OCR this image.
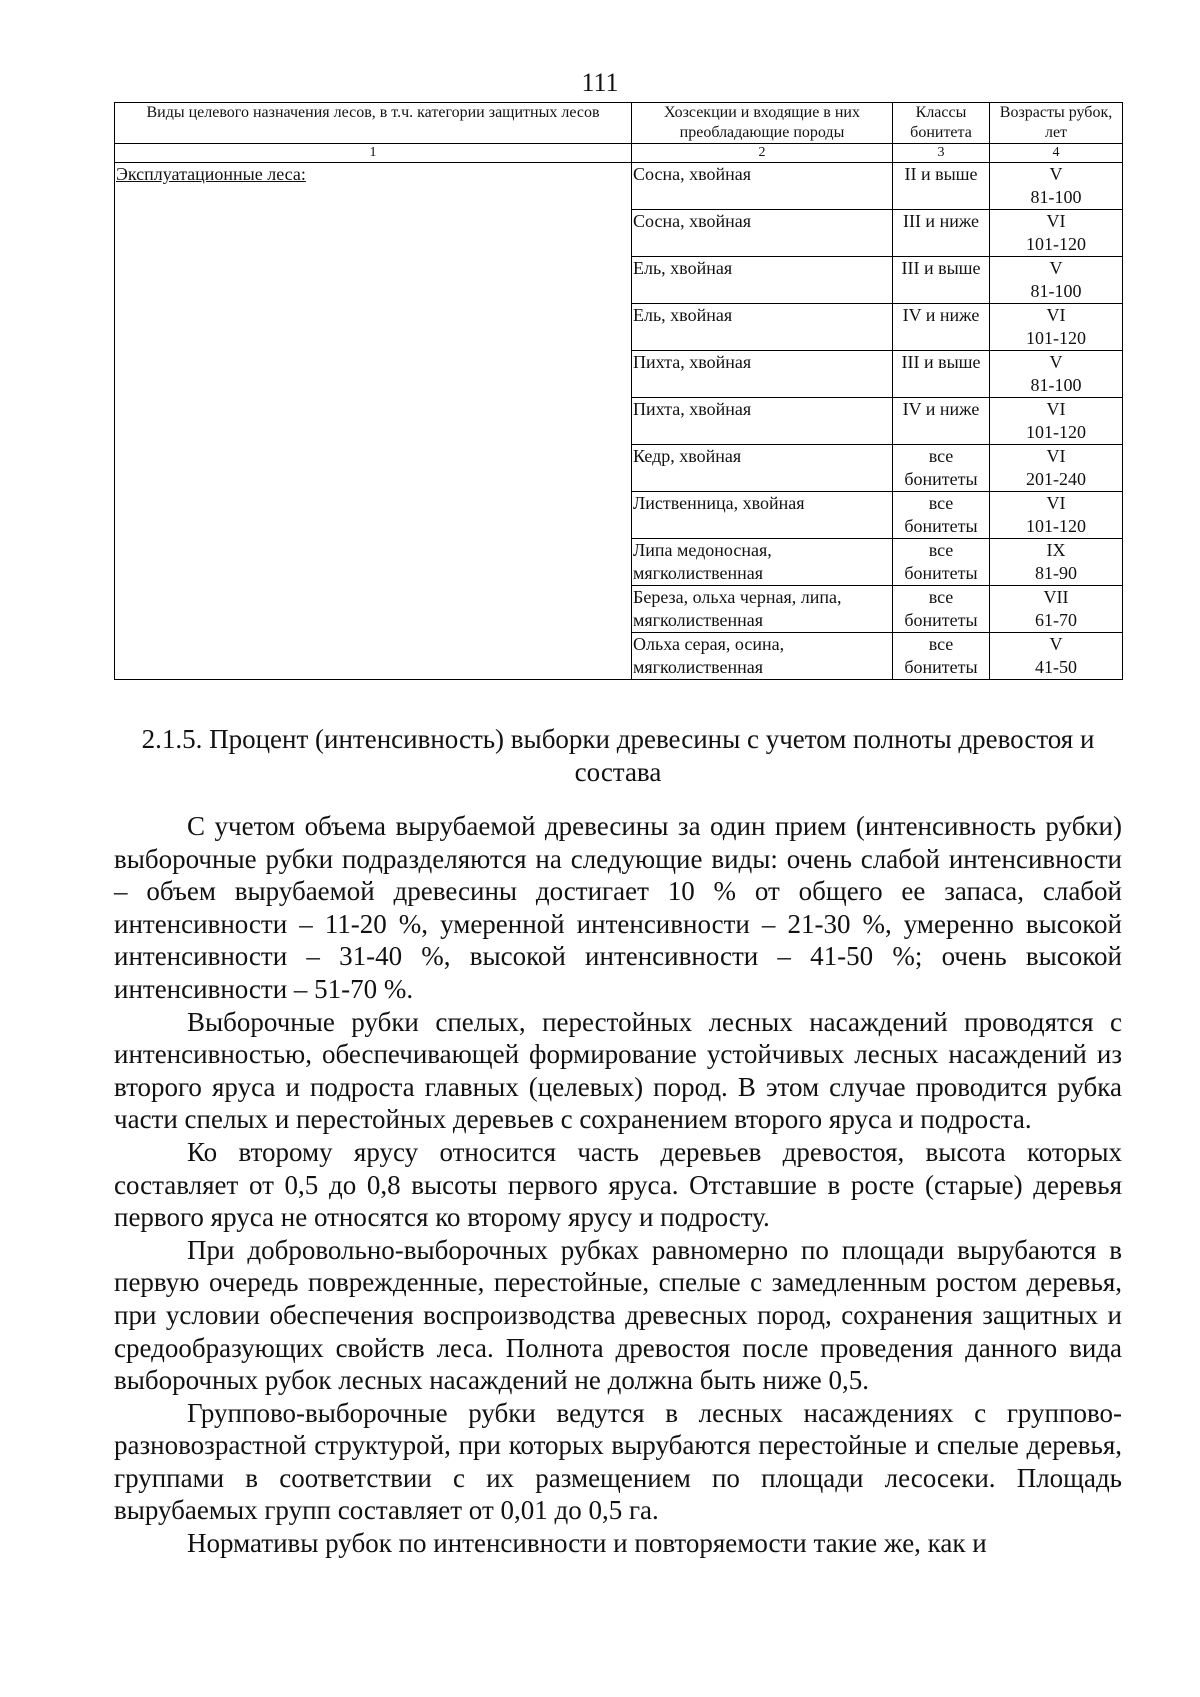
111
Виды целевого назначения лесов, в т.ч. категории защитных лесов	Хозсекции и входящие в них преобладающие породы	Классы бонитета	Возрасты рубок, лет
1	2	3	4
Эксплуатационные леса:	Сосна, хвойная	II и выше	V
81-100
	Сосна, хвойная	III и ниже	VI
101-120
	Ель, хвойная	III и выше	V
81-100
	Ель, хвойная	IV и ниже	VI
101-120
	Пихта, хвойная	III и выше	V
81-100
	Пихта, хвойная	IV и ниже	VI
101-120
	Кедр, хвойная	все
бонитеты	VI
201-240
	Лиственница, хвойная	все
бонитеты	VI
101-120
	Липа медоносная, мягколиственная	все
бонитеты	IX
81-90
	Береза, ольха черная, липа, мягколиственная	все
бонитеты	VII
61-70
	Ольха серая, осина, мягколиственная	все
бонитеты	V
41-50
2.1.5. Процент (интенсивность) выборки древесины с учетом полноты древостоя и состава

С учетом объема вырубаемой древесины за один прием (интенсивность рубки) выборочные рубки подразделяются на следующие виды: очень слабой интенсивности – объем вырубаемой древесины достигает 10 % от общего ее запаса, слабой интенсивности – 11-20 %, умеренной интенсивности – 21-30 %, умеренно высокой интенсивности – 31-40 %, высокой интенсивности – 41-50 %; очень высокой интенсивности – 51-70 %.

Выборочные рубки спелых, перестойных лесных насаждений проводятся с интенсивностью, обеспечивающей формирование устойчивых лесных насаждений из второго яруса и подроста главных (целевых) пород. В этом случае проводится рубка части спелых и перестойных деревьев с сохранением второго яруса и подроста.

Ко второму ярусу относится часть деревьев древостоя, высота которых составляет от 0,5 до 0,8 высоты первого яруса. Отставшие в росте (старые) деревья первого яруса не относятся ко второму ярусу и подросту.

При добровольно-выборочных рубках равномерно по площади вырубаются в первую очередь поврежденные, перестойные, спелые с замедленным ростом деревья, при условии обеспечения воспроизводства древесных пород, сохранения защитных и средообразующих свойств леса. Полнота древостоя после проведения данного вида выборочных рубок лесных насаждений не должна быть ниже 0,5.

Группово-выборочные рубки ведутся в лесных насаждениях с группово-разновозрастной структурой, при которых вырубаются перестойные и спелые деревья, группами в соответствии с их размещением по площади лесосеки. Площадь вырубаемых групп составляет от 0,01 до 0,5 га.

Нормативы рубок по интенсивности и повторяемости такие же, как и
